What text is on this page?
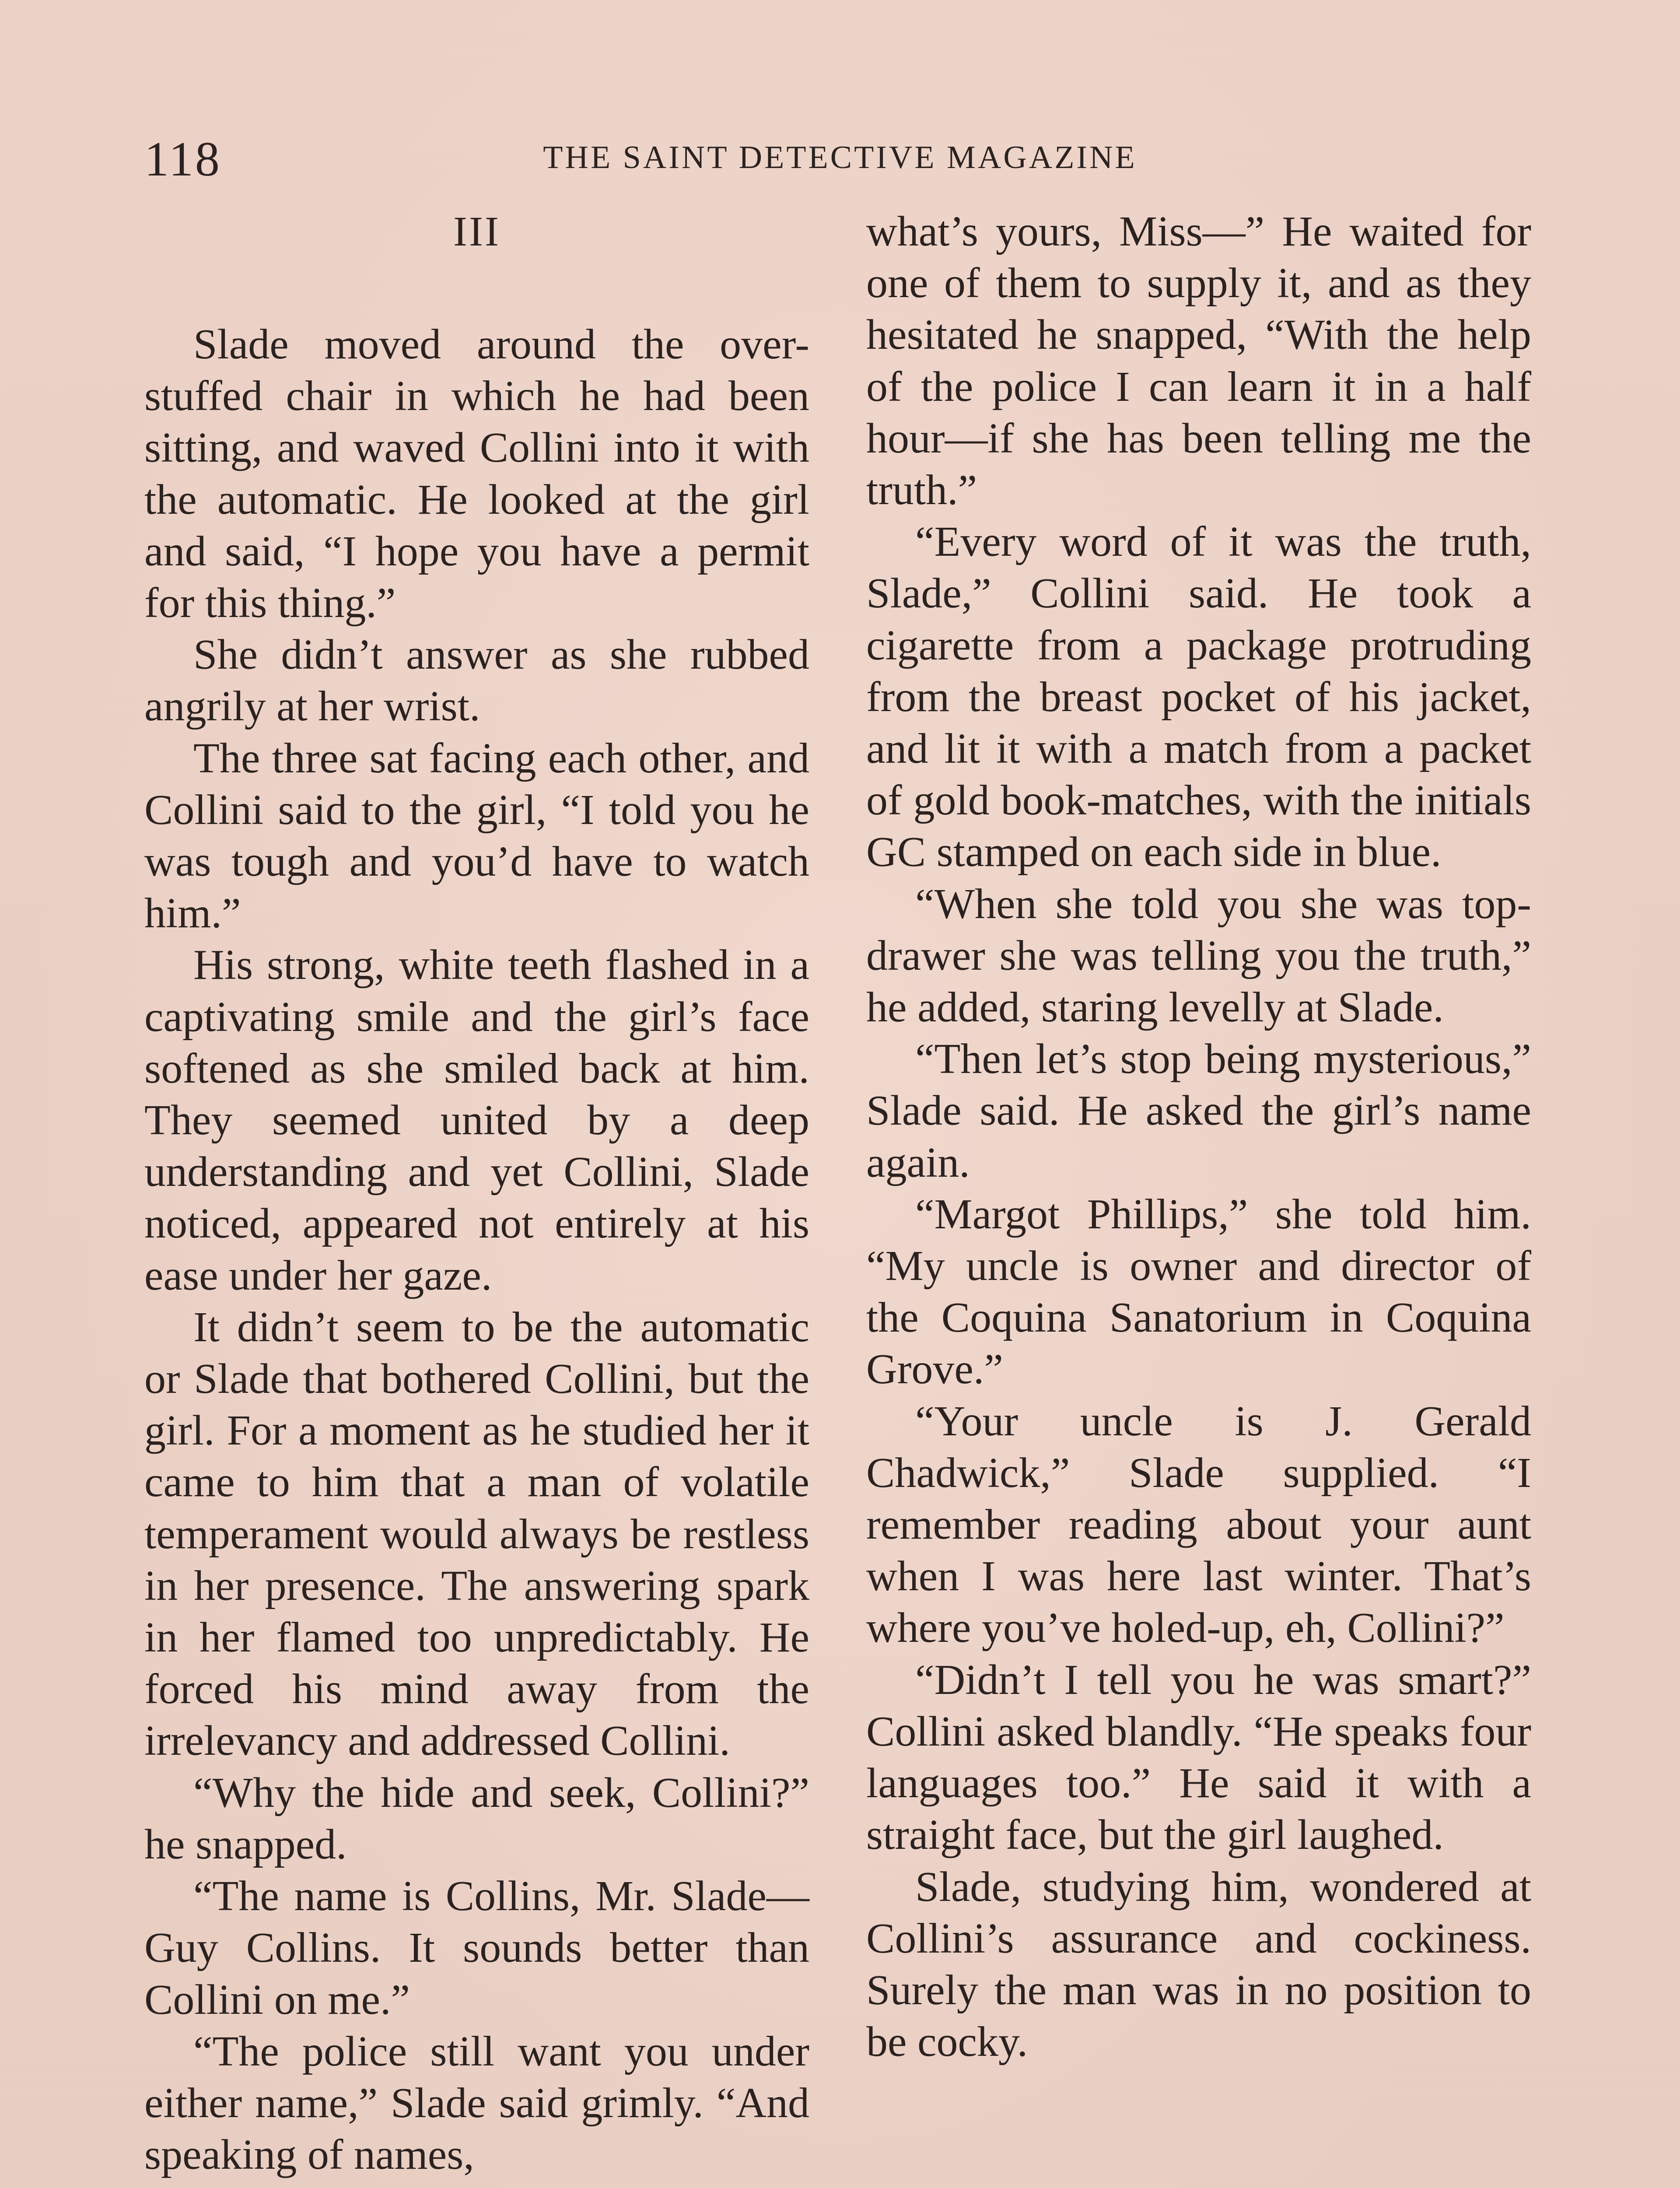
118	THE SAINT DETECTIVE MAGAZINE
III

Slade moved around the over-stuffed chair in which he had been sitting, and waved Collini into it with the automatic. He looked at the girl and said, “I hope you have a permit for this thing.”

She didn’t answer as she rubbed angrily at her wrist.

The three sat facing each other, and Collini said to the girl, “I told you he was tough and you’d have to watch him.”

His strong, white teeth flashed in a captivating smile and the girl’s face softened as she smiled back at him. They seemed united by a deep understanding and yet Collini, Slade noticed, appeared not entirely at his ease under her gaze.

It didn’t seem to be the automatic or Slade that bothered Collini, but the girl. For a moment as he studied her it came to him that a man of volatile temperament would always be restless in her presence. The answering spark in her flamed too unpredictably. He forced his mind away from the irrelevancy and addressed Collini.

“Why the hide and seek, Collini?” he snapped.

“The name is Collins, Mr. Slade—Guy Collins. It sounds better than Collini on me.”

“The police still want you under either name,” Slade said grimly. “And speaking of names,

what’s yours, Miss—” He waited for one of them to supply it, and as they hesitated he snapped, “With the help of the police I can learn it in a half hour—if she has been telling me the truth.”

“Every word of it was the truth, Slade,” Collini said. He took a cigarette from a package protruding from the breast pocket of his jacket, and lit it with a match from a packet of gold book-matches, with the initials GC stamped on each side in blue.

“When she told you she was top-drawer she was telling you the truth,” he added, staring levelly at Slade.

“Then let’s stop being mysterious,” Slade said. He asked the girl’s name again.

“Margot Phillips,” she told him. “My uncle is owner and director of the Coquina Sanatorium in Coquina Grove.”

“Your uncle is J. Gerald Chadwick,” Slade supplied. “I remember reading about your aunt when I was here last winter. That’s where you’ve holed-up, eh, Collini?”

“Didn’t I tell you he was smart?” Collini asked blandly. “He speaks four languages too.” He said it with a straight face, but the girl laughed.

Slade, studying him, wondered at Collini’s assurance and cockiness. Surely the man was in no position to be cocky.
